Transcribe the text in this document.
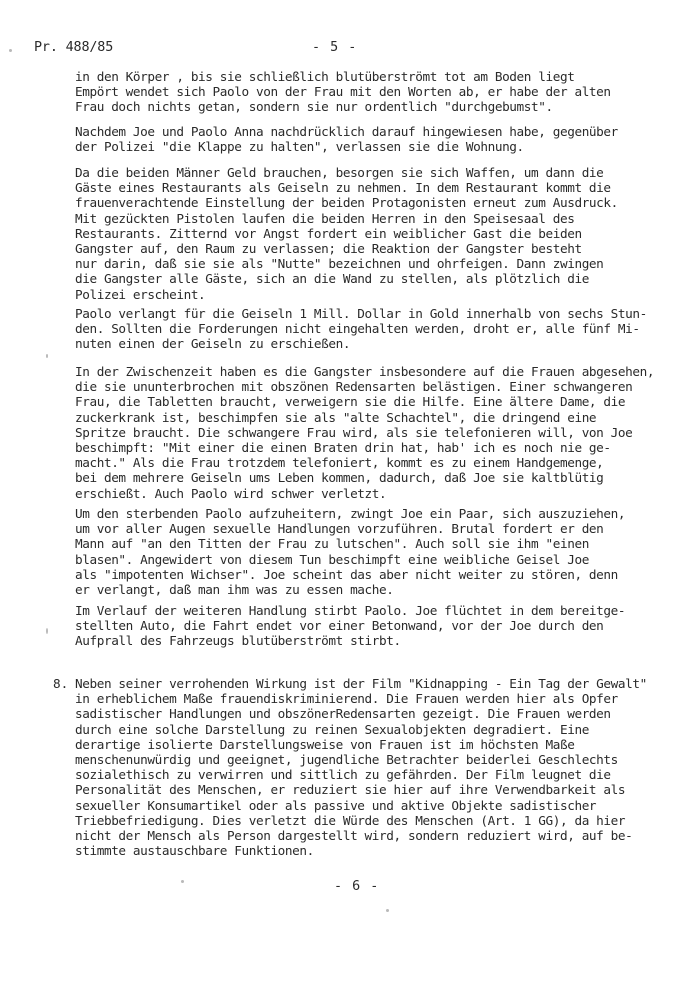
Pr. 488/85	- 5 -
in den Körper , bis sie schließlich blutüberströmt tot am Boden liegt
Empört wendet sich Paolo von der Frau mit den Worten ab, er habe der alten
Frau doch nichts getan, sondern sie nur ordentlich "durchgebumst".
Nachdem Joe und Paolo Anna nachdrücklich darauf hingewiesen habe, gegenüber
der Polizei "die Klappe zu halten", verlassen sie die Wohnung.
Da die beiden Männer Geld brauchen, besorgen sie sich Waffen, um dann die
Gäste eines Restaurants als Geiseln zu nehmen. In dem Restaurant kommt die
frauenverachtende Einstellung der beiden Protagonisten erneut zum Ausdruck.
Mit gezückten Pistolen laufen die beiden Herren in den Speisesaal des
Restaurants. Zitternd vor Angst fordert ein weiblicher Gast die beiden
Gangster auf, den Raum zu verlassen; die Reaktion der Gangster besteht
nur darin, daß sie sie als "Nutte" bezeichnen und ohrfeigen. Dann zwingen
die Gangster alle Gäste, sich an die Wand zu stellen, als plötzlich die
Polizei erscheint.
Paolo verlangt für die Geiseln 1 Mill. Dollar in Gold innerhalb von sechs Stun-
den. Sollten die Forderungen nicht eingehalten werden, droht er, alle fünf Mi-
nuten einen der Geiseln zu erschießen.
In der Zwischenzeit haben es die Gangster insbesondere auf die Frauen abgesehen,
die sie ununterbrochen mit obszönen Redensarten belästigen. Einer schwangeren
Frau, die Tabletten braucht, verweigern sie die Hilfe. Eine ältere Dame, die
zuckerkrank ist, beschimpfen sie als "alte Schachtel", die dringend eine
Spritze braucht. Die schwangere Frau wird, als sie telefonieren will, von Joe
beschimpft: "Mit einer die einen Braten drin hat, hab' ich es noch nie ge-
macht." Als die Frau trotzdem telefoniert, kommt es zu einem Handgemenge,
bei dem mehrere Geiseln ums Leben kommen, dadurch, daß Joe sie kaltblütig
erschießt. Auch Paolo wird schwer verletzt.
Um den sterbenden Paolo aufzuheitern, zwingt Joe ein Paar, sich auszuziehen,
um vor aller Augen sexuelle Handlungen vorzuführen. Brutal fordert er den
Mann auf "an den Titten der Frau zu lutschen". Auch soll sie ihm "einen
blasen". Angewidert von diesem Tun beschimpft eine weibliche Geisel Joe
als "impotenten Wichser". Joe scheint das aber nicht weiter zu stören, denn
er verlangt, daß man ihm was zu essen mache.
Im Verlauf der weiteren Handlung stirbt Paolo. Joe flüchtet in dem bereitge-
stellten Auto, die Fahrt endet vor einer Betonwand, vor der Joe durch den
Aufprall des Fahrzeugs blutüberströmt stirbt.
8. Neben seiner verrohenden Wirkung ist der Film "Kidnapping - Ein Tag der Gewalt"
in erheblichem Maße frauendiskriminierend. Die Frauen werden hier als Opfer
sadistischer Handlungen und obszönerRedensarten gezeigt. Die Frauen werden
durch eine solche Darstellung zu reinen Sexualobjekten degradiert. Eine
derartige isolierte Darstellungsweise von Frauen ist im höchsten Maße
menschenunwürdig und geeignet, jugendliche Betrachter beiderlei Geschlechts
sozialethisch zu verwirren und sittlich zu gefährden. Der Film leugnet die
Personalität des Menschen, er reduziert sie hier auf ihre Verwendbarkeit als
sexueller Konsumartikel oder als passive und aktive Objekte sadistischer
Triebbefriedigung. Dies verletzt die Würde des Menschen (Art. 1 GG), da hier
nicht der Mensch als Person dargestellt wird, sondern reduziert wird, auf be-
stimmte austauschbare Funktionen.
- 6 -
